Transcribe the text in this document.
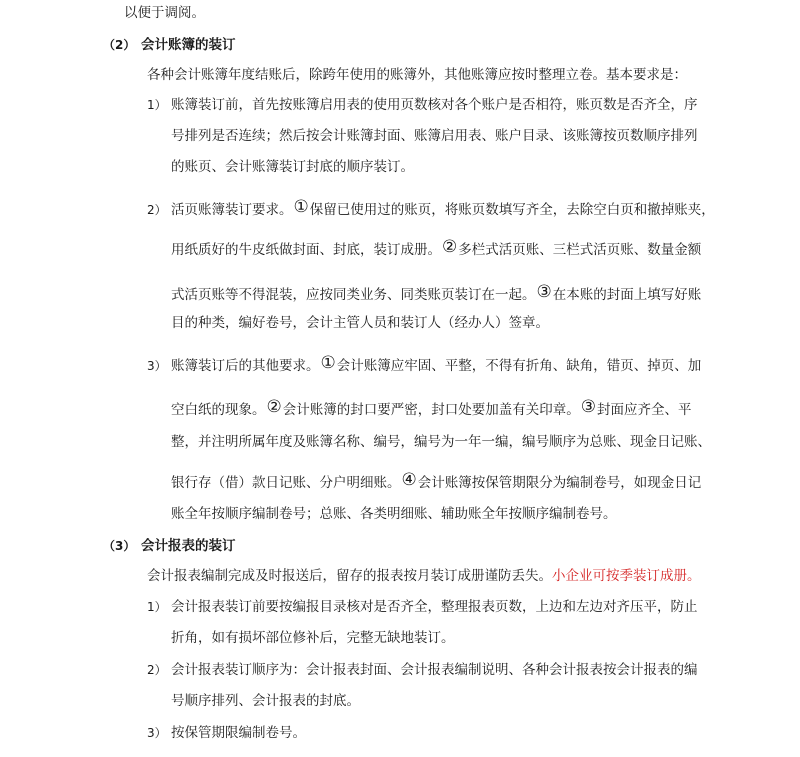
以便于调阅。
（2） 会计账簿的装订
各种会计账簿年度结账后，除跨年使用的账簿外，其他账簿应按时整理立卷。基本要求是：
1） 账簿装订前，首先按账簿启用表的使用页数核对各个账户是否相符，账页数是否齐全，序
号排列是否连续；然后按会计账簿封面、账簿启用表、账户目录、该账簿按页数顺序排列
的账页、会计账簿装订封底的顺序装订。
2） 活页账簿装订要求。①保留已使用过的账页，将账页数填写齐全，去除空白页和撤掉账夹，
用纸质好的牛皮纸做封面、封底，装订成册。②多栏式活页账、三栏式活页账、数量金额
式活页账等不得混装，应按同类业务、同类账页装订在一起。③在本账的封面上填写好账
目的种类，编好卷号，会计主管人员和装订人（经办人）签章。
3） 账簿装订后的其他要求。①会计账簿应牢固、平整，不得有折角、缺角，错页、掉页、加
空白纸的现象。②会计账簿的封口要严密，封口处要加盖有关印章。③封面应齐全、平
整，并注明所属年度及账簿名称、编号，编号为一年一编，编号顺序为总账、现金日记账、
银行存（借）款日记账、分户明细账。④会计账簿按保管期限分为编制卷号，如现金日记
账全年按顺序编制卷号；总账、各类明细账、辅助账全年按顺序编制卷号。
（3） 会计报表的装订
会计报表编制完成及时报送后，留存的报表按月装订成册谨防丢失。小企业可按季装订成册。
1） 会计报表装订前要按编报目录核对是否齐全，整理报表页数，上边和左边对齐压平，防止
折角，如有损坏部位修补后，完整无缺地装订。
2） 会计报表装订顺序为：会计报表封面、会计报表编制说明、各种会计报表按会计报表的编
号顺序排列、会计报表的封底。
3） 按保管期限编制卷号。
